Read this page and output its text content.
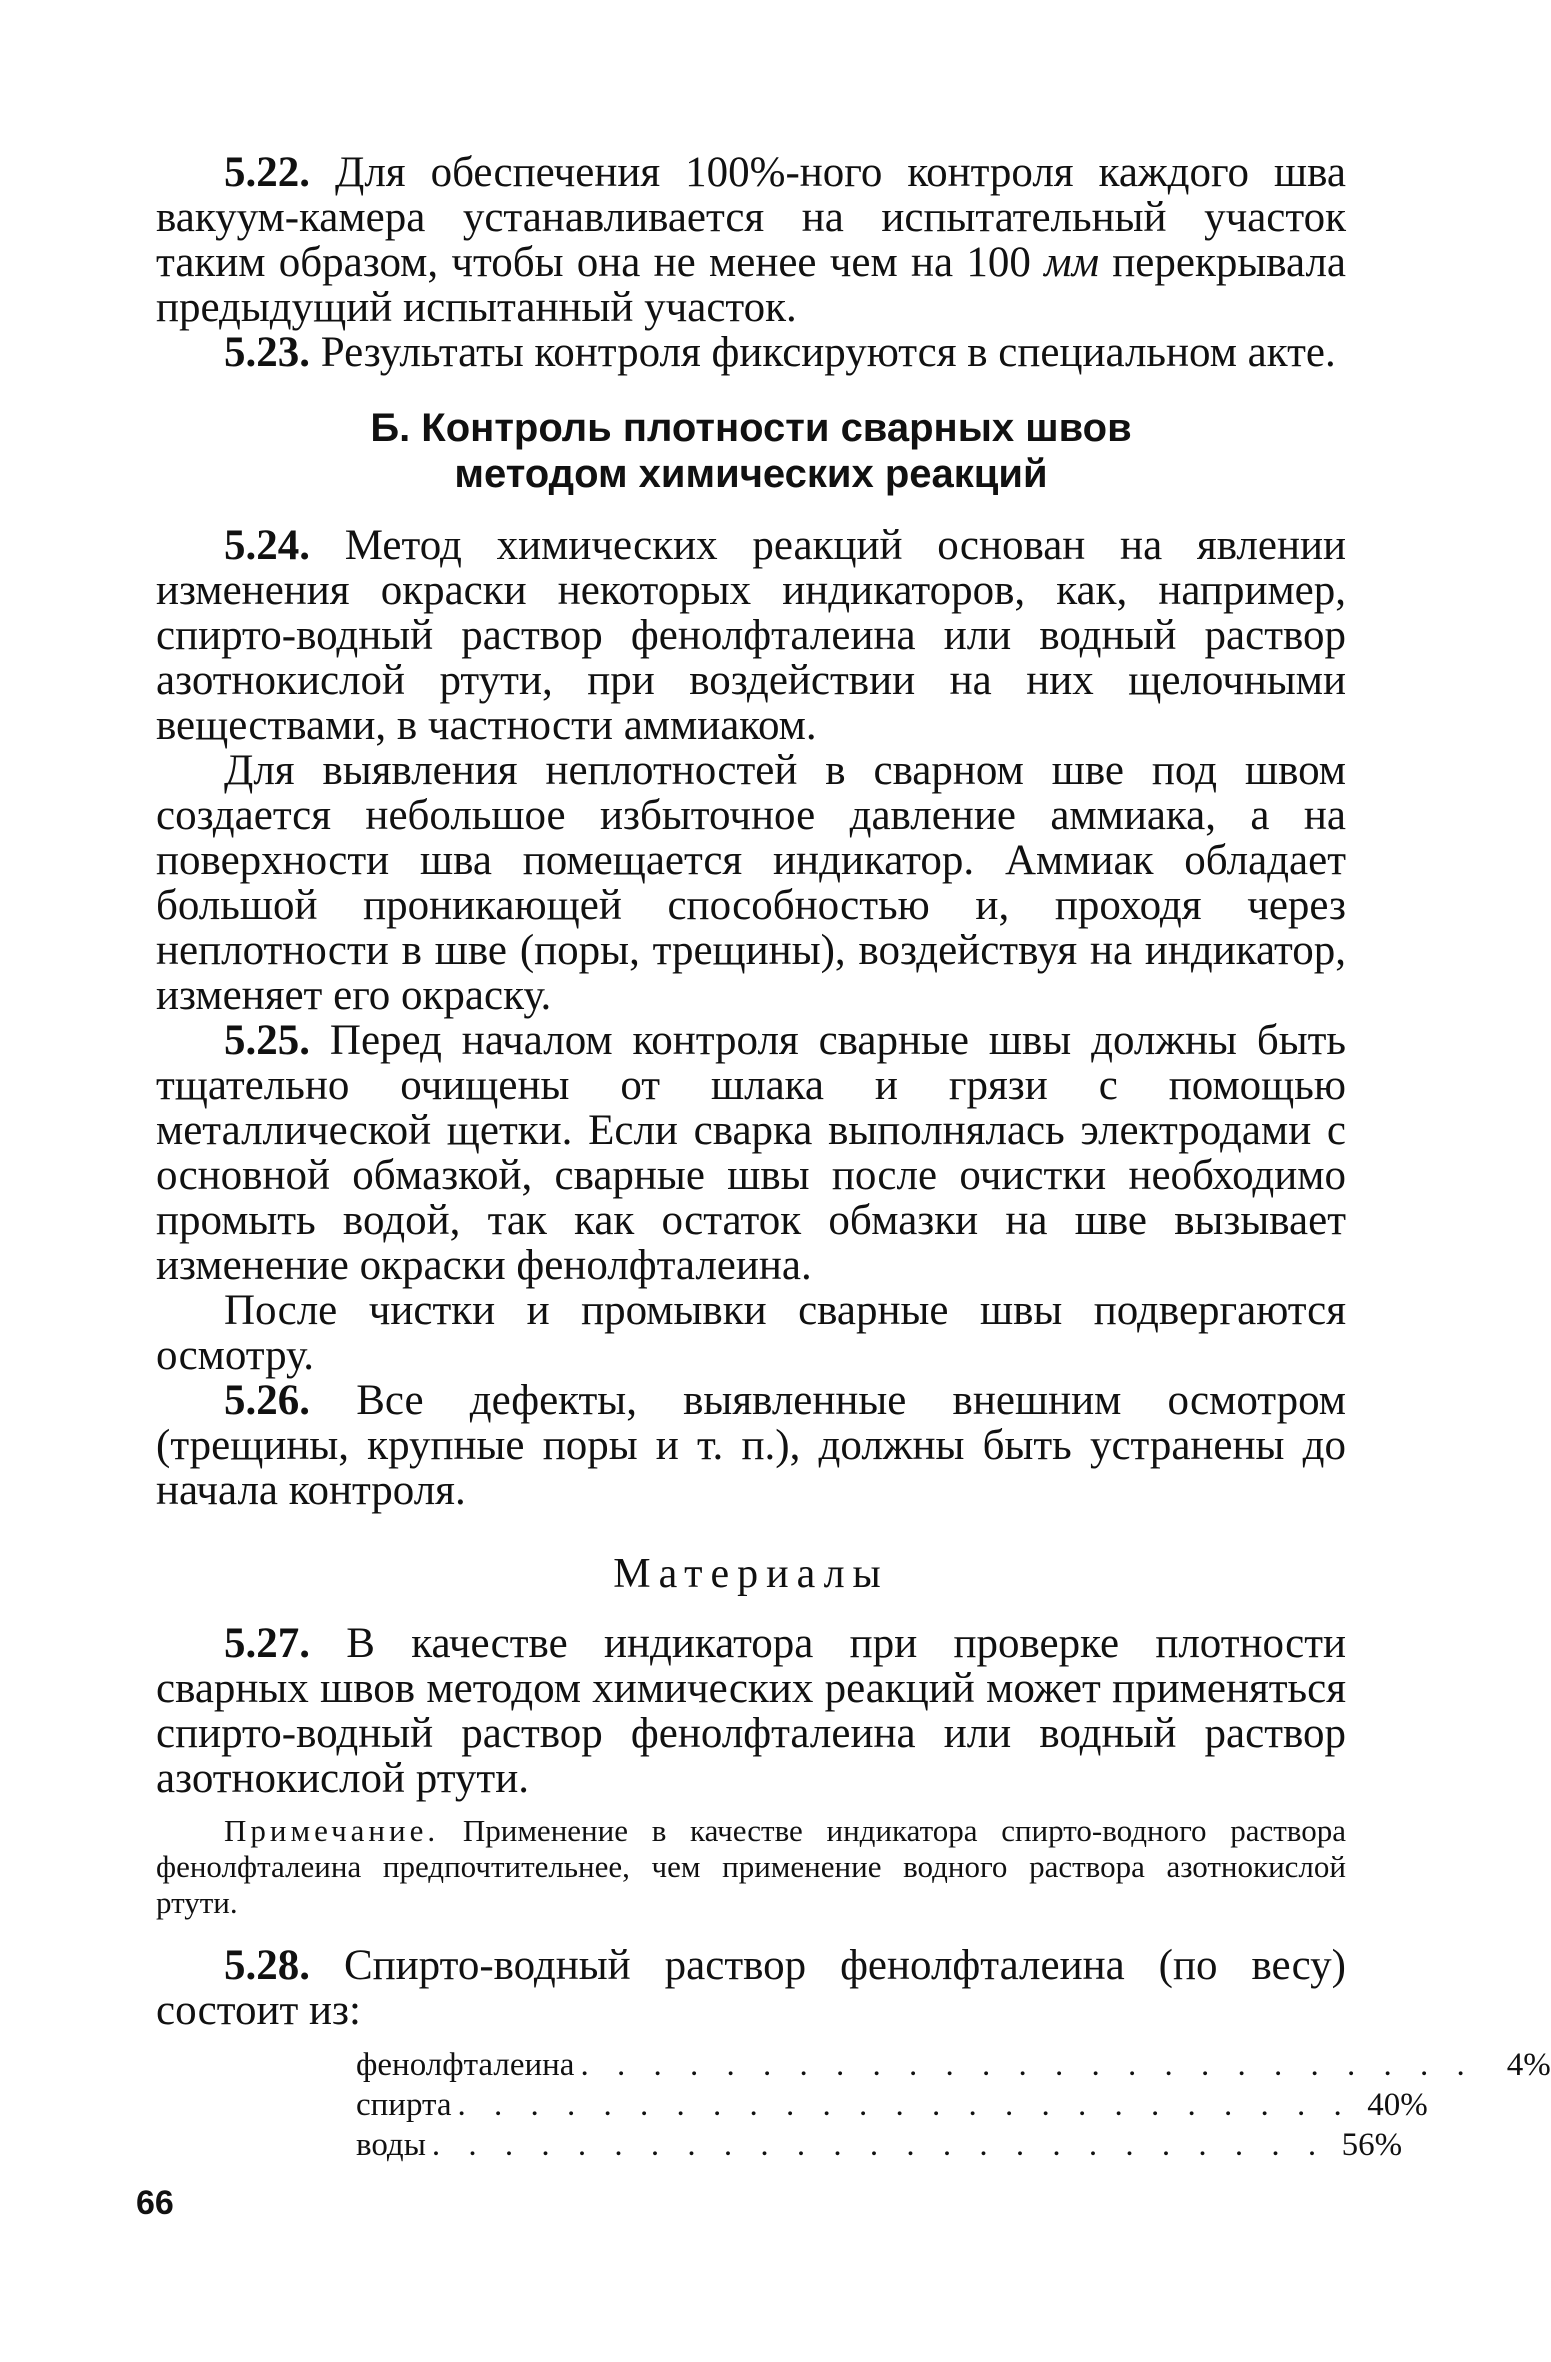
5.22. Для обеспечения 100%-ного контроля каждого шва вакуум-камера устанавливается на испытательный участок таким образом, чтобы она не менее чем на 100 мм перекрывала предыдущий испытанный участок.

5.23. Результаты контроля фиксируются в специальном акте.

Б. Контроль плотности сварных швов
методом химических реакций

5.24. Метод химических реакций основан на явлении изменения окраски некоторых индикаторов, как, например, спирто-водный раствор фенолфталеина или водный раствор азотнокислой ртути, при воздействии на них щелочными веществами, в частности аммиаком.

Для выявления неплотностей в сварном шве под швом создается небольшое избыточное давление аммиака, а на поверхности шва помещается индикатор. Аммиак обладает большой проникающей способностью и, проходя через неплотности в шве (поры, трещины), воздействуя на индикатор, изменяет его окраску.

5.25. Перед началом контроля сварные швы должны быть тщательно очищены от шлака и грязи с помощью металлической щетки. Если сварка выполнялась электродами с основной обмазкой, сварные швы после очистки необходимо промыть водой, так как остаток обмазки на шве вызывает изменение окраски фенолфталеина.

После чистки и промывки сварные швы подвергаются осмотру.

5.26. Все дефекты, выявленные внешним осмотром (трещины, крупные поры и т. п.), должны быть устранены до начала контроля.

Материалы

5.27. В качестве индикатора при проверке плотности сварных швов методом химических реакций может применяться спирто-водный раствор фенолфталеина или водный раствор азотнокислой ртути.

Примечание. Применение в качестве индикатора спирто-водного раствора фенолфталеина предпочтительнее, чем применение водного раствора азотнокислой ртути.

5.28. Спирто-водный раствор фенолфталеина (по весу) состоит из:

фенолфталеина . . . . . . . . . . . . . . . . . . . . . . . . . 4%
спирта . . . . . . . . . . . . . . . . . . . . . . . . . 40%
воды . . . . . . . . . . . . . . . . . . . . . . . . . 56%
66
